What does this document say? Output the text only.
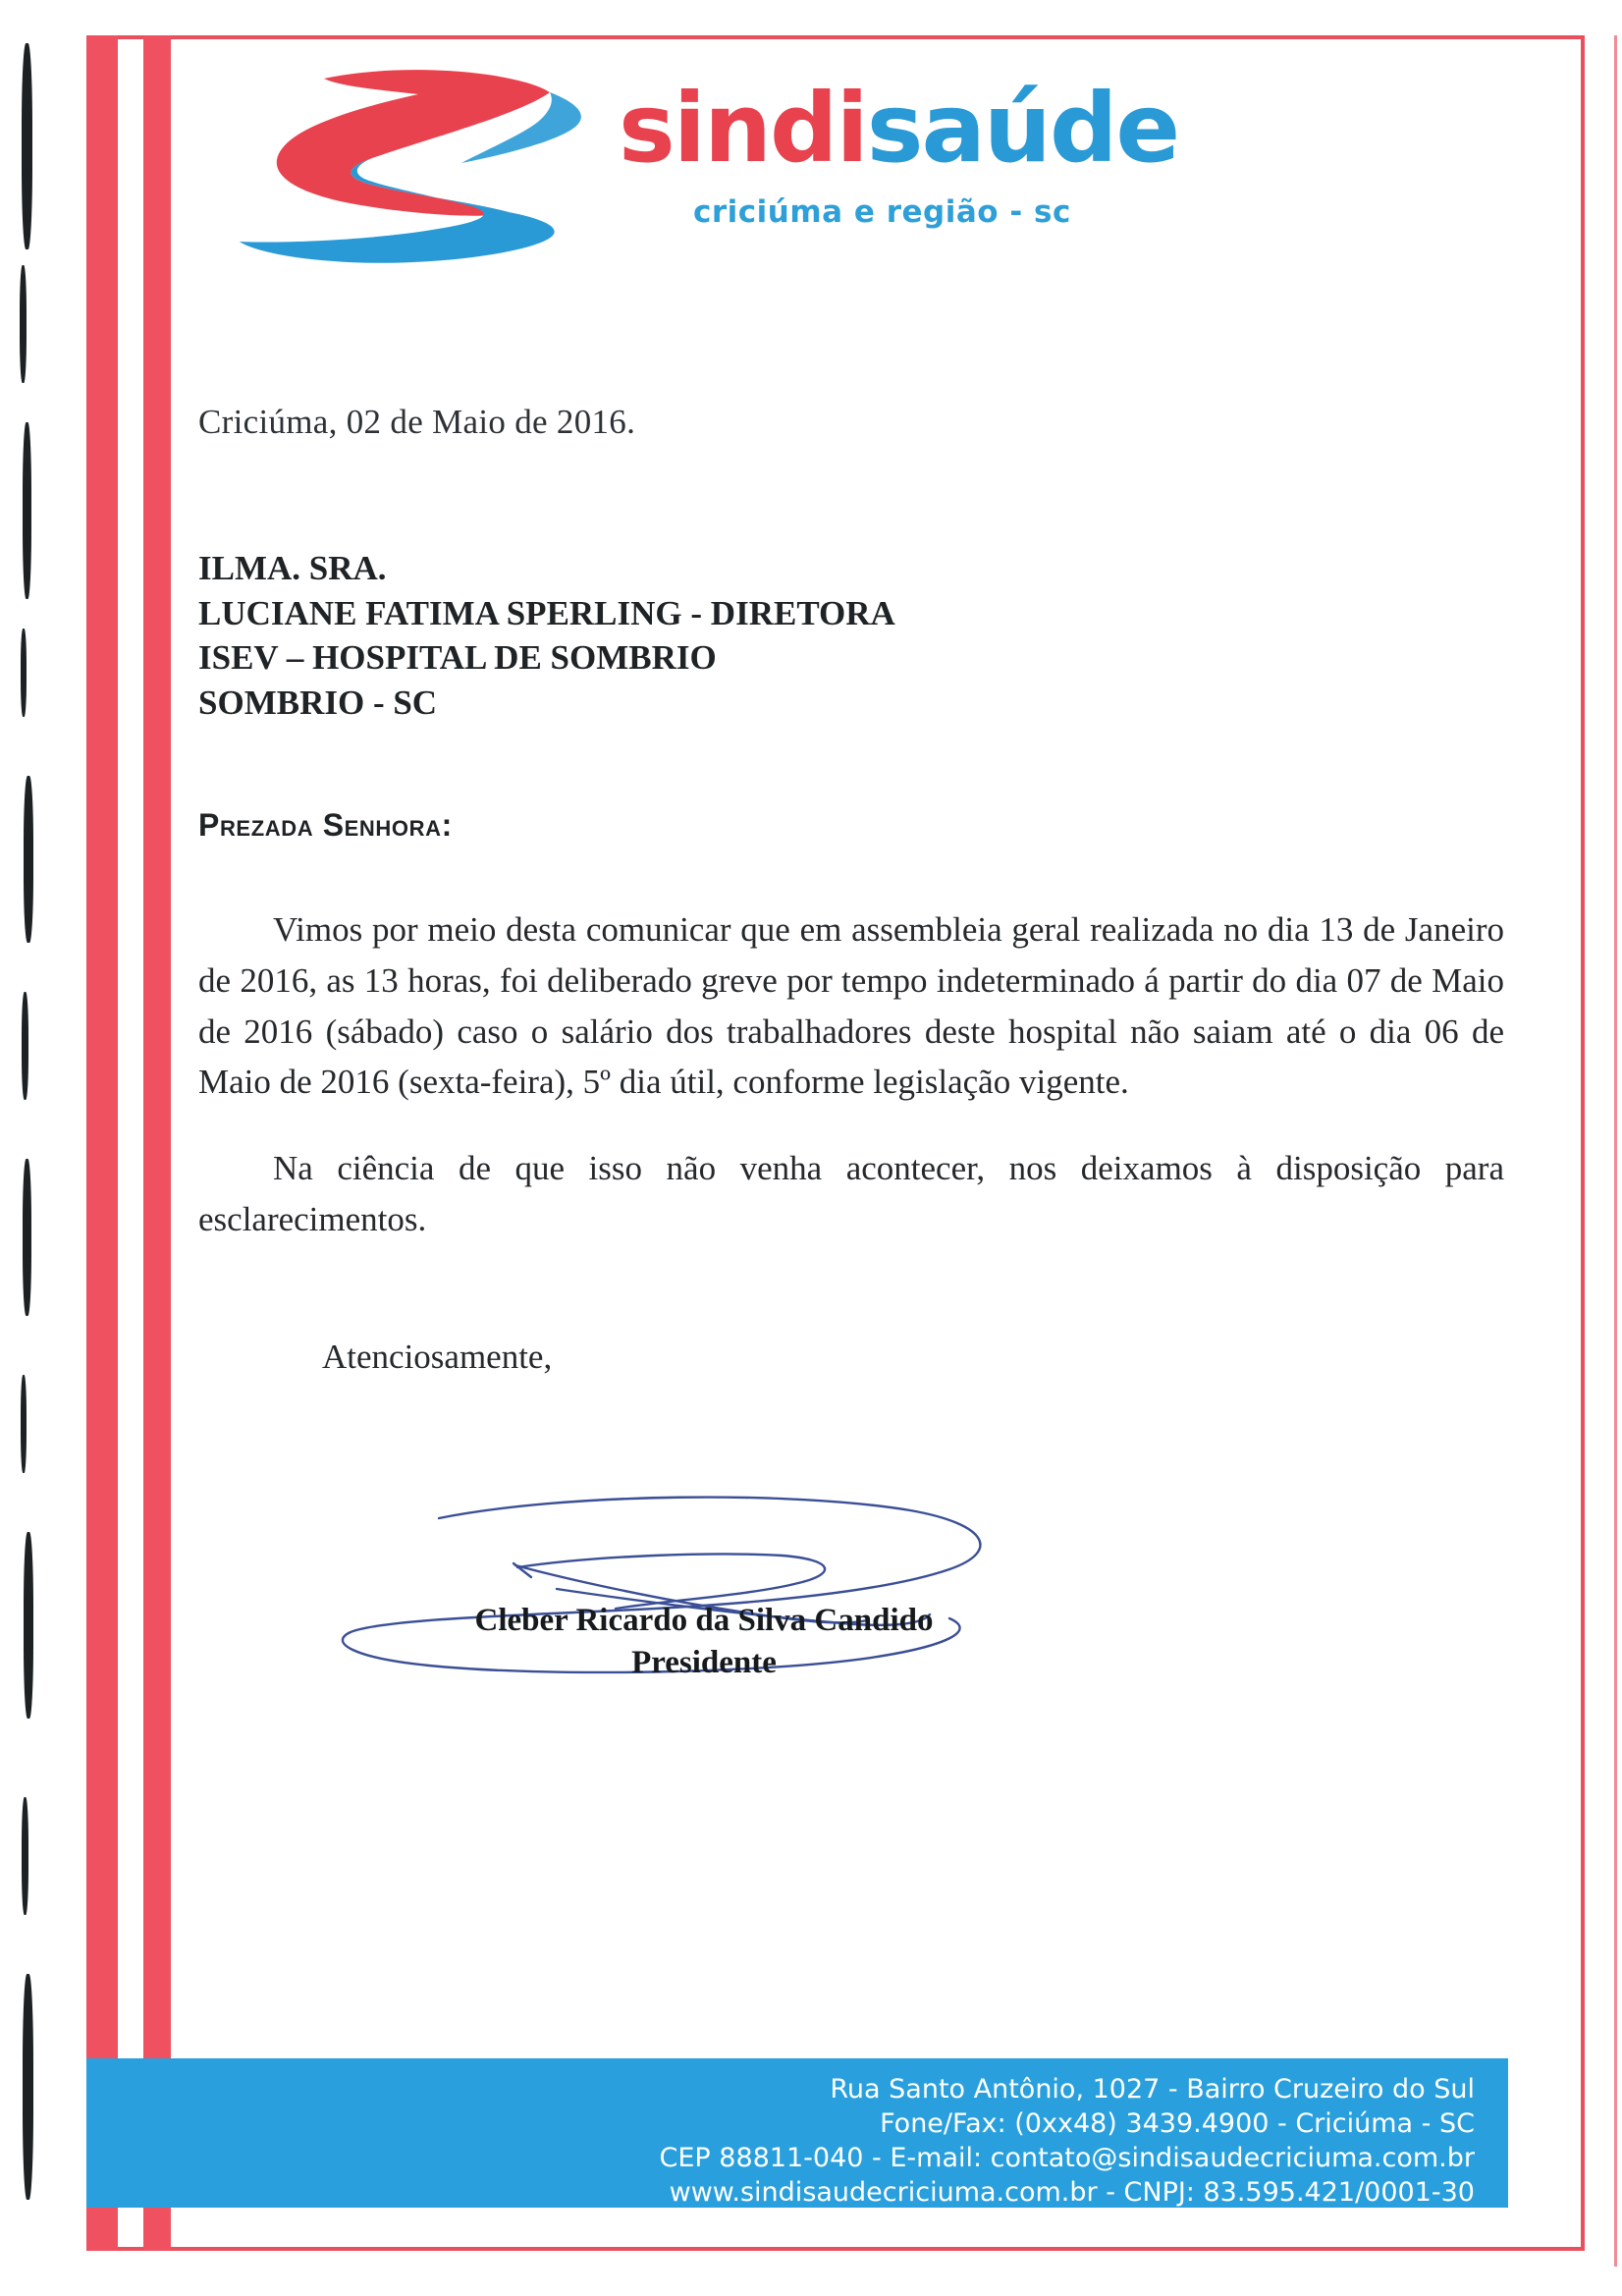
sindisaúde
criciúma e região - sc
Criciúma, 02 de Maio de 2016.
ILMA. SRA.
LUCIANE FATIMA SPERLING - DIRETORA
ISEV – HOSPITAL DE SOMBRIO
SOMBRIO - SC
Prezada Senhora:
Vimos por meio desta comunicar que em assembleia geral realizada no dia 13 de Janeiro de 2016, as 13 horas, foi deliberado greve por tempo indeterminado á partir do dia 07 de Maio de 2016 (sábado) caso o salário dos trabalhadores deste hospital não saiam até o dia 06 de Maio de 2016 (sexta-feira), 5º dia útil, conforme legislação vigente.
Na ciência de que isso não venha acontecer, nos deixamos à disposição para esclarecimentos.
Atenciosamente,
Cleber Ricardo da Silva Candido
Presidente
Rua Santo Antônio, 1027 - Bairro Cruzeiro do Sul
Fone/Fax: (0xx48) 3439.4900 - Criciúma - SC
CEP 88811-040 - E-mail: contato@sindisaudecriciuma.com.br
www.sindisaudecriciuma.com.br - CNPJ: 83.595.421/0001-30
